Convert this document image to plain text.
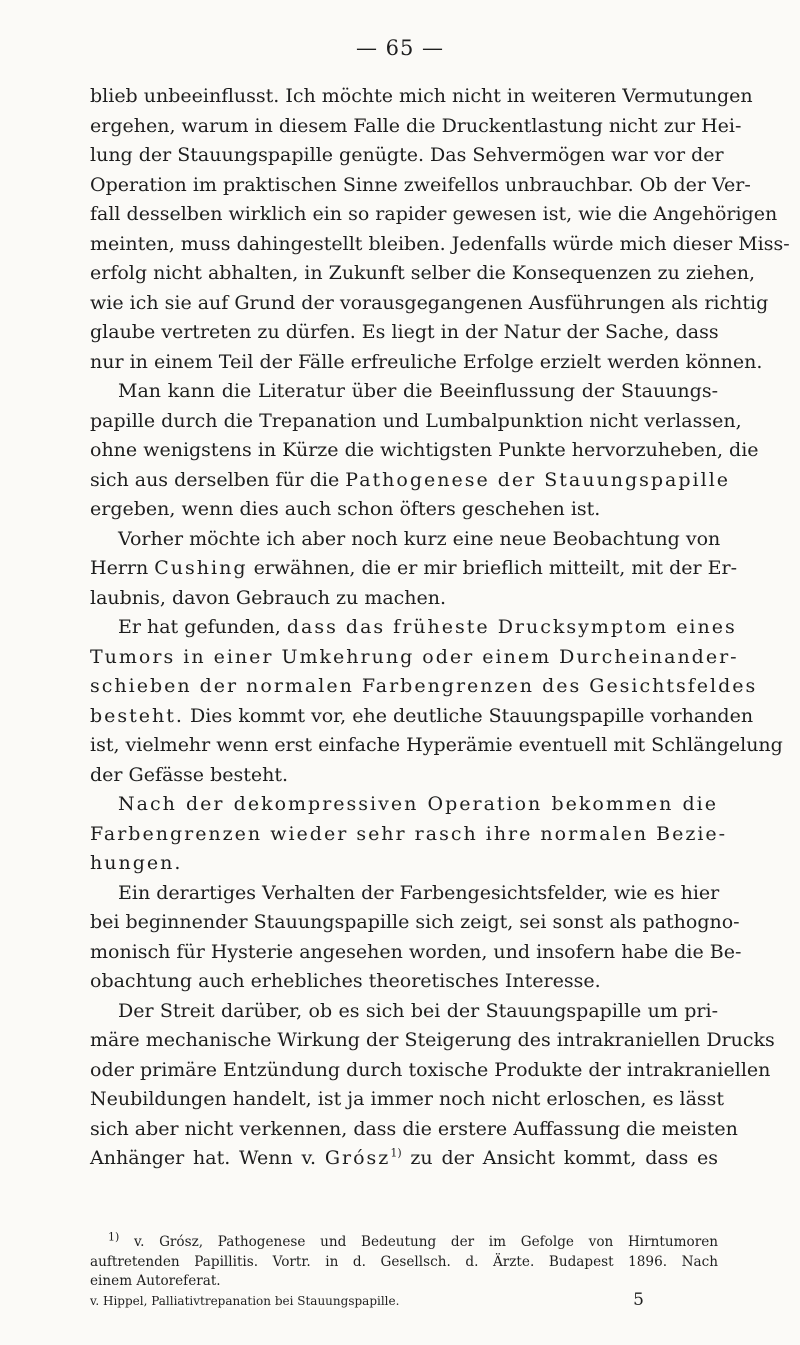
— 65 —
blieb unbeeinflusst. Ich möchte mich nicht in weiteren Vermutungen
ergehen, warum in diesem Falle die Druckentlastung nicht zur Hei-
lung der Stauungspapille genügte. Das Sehvermögen war vor der
Operation im praktischen Sinne zweifellos unbrauchbar. Ob der Ver-
fall desselben wirklich ein so rapider gewesen ist, wie die Angehörigen
meinten, muss dahingestellt bleiben. Jedenfalls würde mich dieser Miss-
erfolg nicht abhalten, in Zukunft selber die Konsequenzen zu ziehen,
wie ich sie auf Grund der vorausgegangenen Ausführungen als richtig
glaube vertreten zu dürfen. Es liegt in der Natur der Sache, dass
nur in einem Teil der Fälle erfreuliche Erfolge erzielt werden können.
Man kann die Literatur über die Beeinflussung der Stauungs-
papille durch die Trepanation und Lumbalpunktion nicht verlassen,
ohne wenigstens in Kürze die wichtigsten Punkte hervorzuheben, die
sich aus derselben für die Pathogenese der Stauungspapille
ergeben, wenn dies auch schon öfters geschehen ist.
Vorher möchte ich aber noch kurz eine neue Beobachtung von
Herrn Cushing erwähnen, die er mir brieflich mitteilt, mit der Er-
laubnis, davon Gebrauch zu machen.
Er hat gefunden, dass das früheste Drucksymptom eines
Tumors in einer Umkehrung oder einem Durcheinander-
schieben der normalen Farbengrenzen des Gesichtsfeldes
besteht. Dies kommt vor, ehe deutliche Stauungspapille vorhanden
ist, vielmehr wenn erst einfache Hyperämie eventuell mit Schlängelung
der Gefässe besteht.
Nach der dekompressiven Operation bekommen die
Farbengrenzen wieder sehr rasch ihre normalen Bezie-
hungen.
Ein derartiges Verhalten der Farbengesichtsfelder, wie es hier
bei beginnender Stauungspapille sich zeigt, sei sonst als pathogno-
monisch für Hysterie angesehen worden, und insofern habe die Be-
obachtung auch erhebliches theoretisches Interesse.
Der Streit darüber, ob es sich bei der Stauungspapille um pri-
märe mechanische Wirkung der Steigerung des intrakraniellen Drucks
oder primäre Entzündung durch toxische Produkte der intrakraniellen
Neubildungen handelt, ist ja immer noch nicht erloschen, es lässt
sich aber nicht verkennen, dass die erstere Auffassung die meisten
Anhänger hat. Wenn v. Grósz$^{1)}$ zu der Ansicht kommt, dass es
$^{1)}$ v. Grósz, Pathogenese und Bedeutung der im Gefolge von Hirntumoren
auftretenden Papillitis. Vortr. in d. Gesellsch. d. Ärzte. Budapest 1896. Nach
einem Autoreferat.
v. Hippel, Palliativtrepanation bei Stauungspapille.	5
